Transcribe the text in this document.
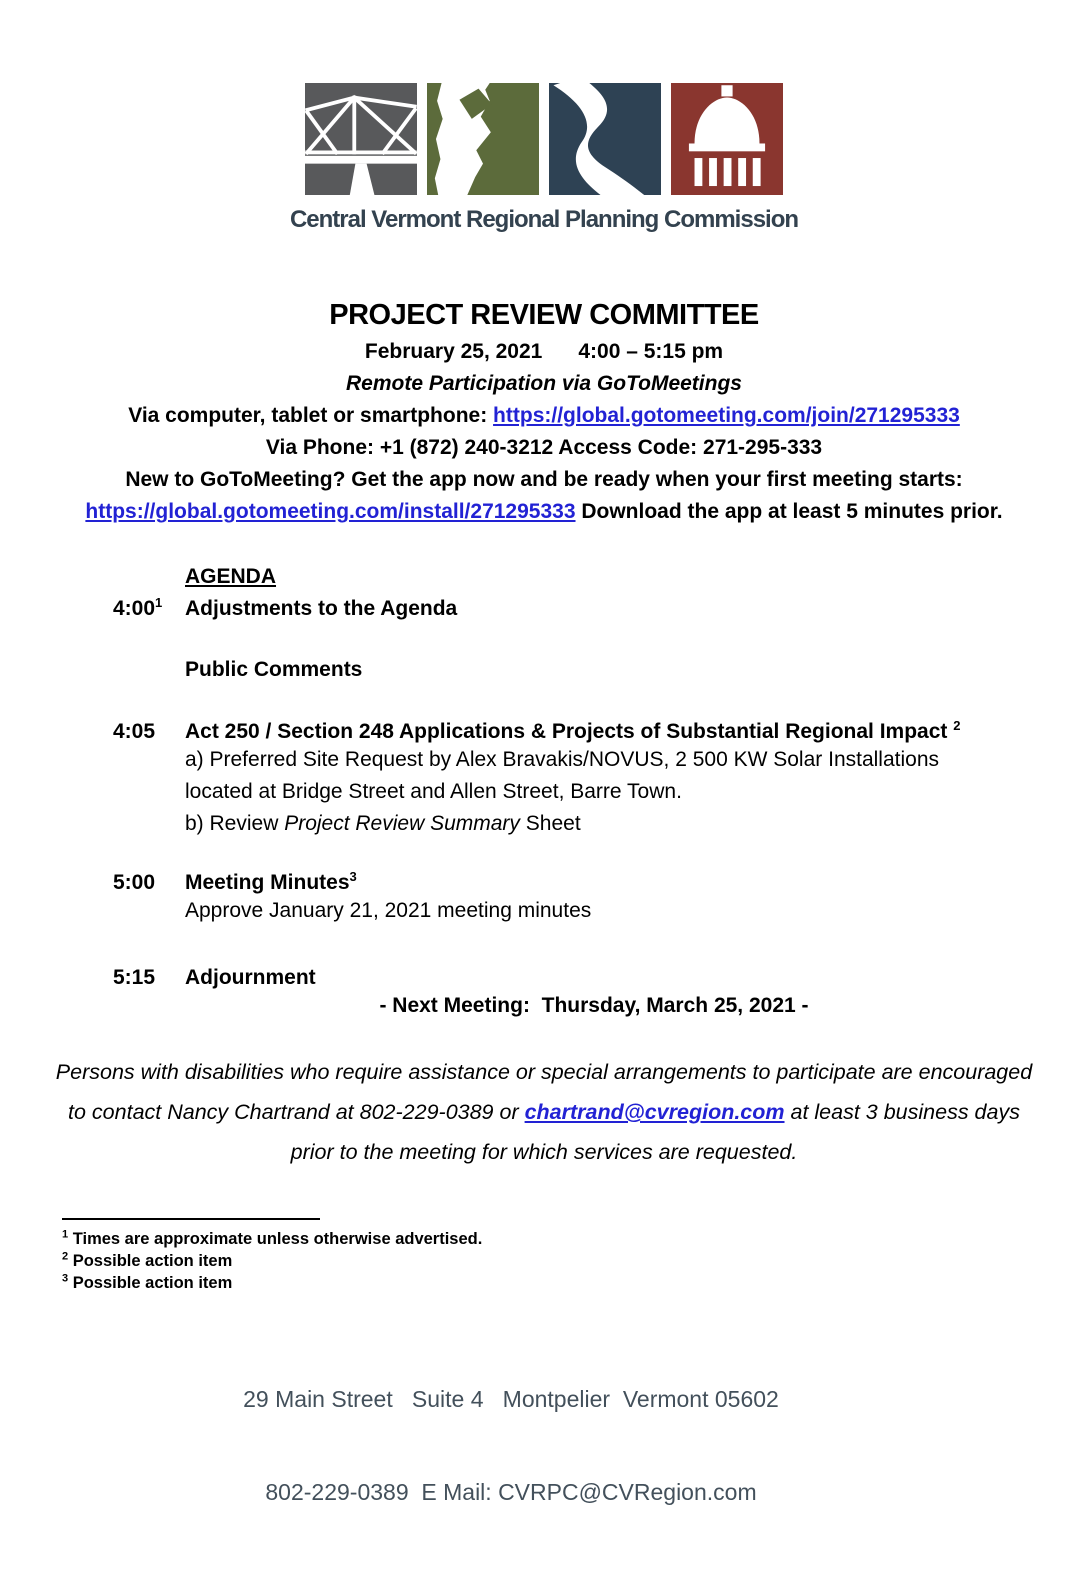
Central Vermont Regional Planning Commission
PROJECT REVIEW COMMITTEE
February 25, 2021 4:00 – 5:15 pm
Remote Participation via GoToMeetings
Via computer, tablet or smartphone: https://global.gotomeeting.com/join/271295333
Via Phone: +1 (872) 240-3212 Access Code: 271-295-333
New to GoToMeeting? Get the app now and be ready when your first meeting starts:
https://global.gotomeeting.com/install/271295333 Download the app at least 5 minutes prior.
AGENDA
4:00$^1$	Adjustments to the Agenda
Public Comments
4:05	Act 250 / Section 248 Applications & Projects of Substantial Regional Impact $^2$
a) Preferred Site Request by Alex Bravakis/NOVUS, 2 500 KW Solar Installations located at Bridge Street and Allen Street, Barre Town.
b) Review Project Review Summary Sheet
5:00	Meeting Minutes$^3$
Approve January 21, 2021 meeting minutes
5:15	Adjournment
- Next Meeting:  Thursday, March 25, 2021 -
Persons with disabilities who require assistance or special arrangements to participate are encouraged to contact Nancy Chartrand at 802-229-0389 or chartrand@cvregion.com at least 3 business days prior to the meeting for which services are requested.
$^1$ Times are approximate unless otherwise advertised.
$^2$ Possible action item
$^3$ Possible action item

29 Main Street   Suite 4   Montpelier  Vermont 05602

802-229-0389  E Mail: CVRPC@CVRegion.com
